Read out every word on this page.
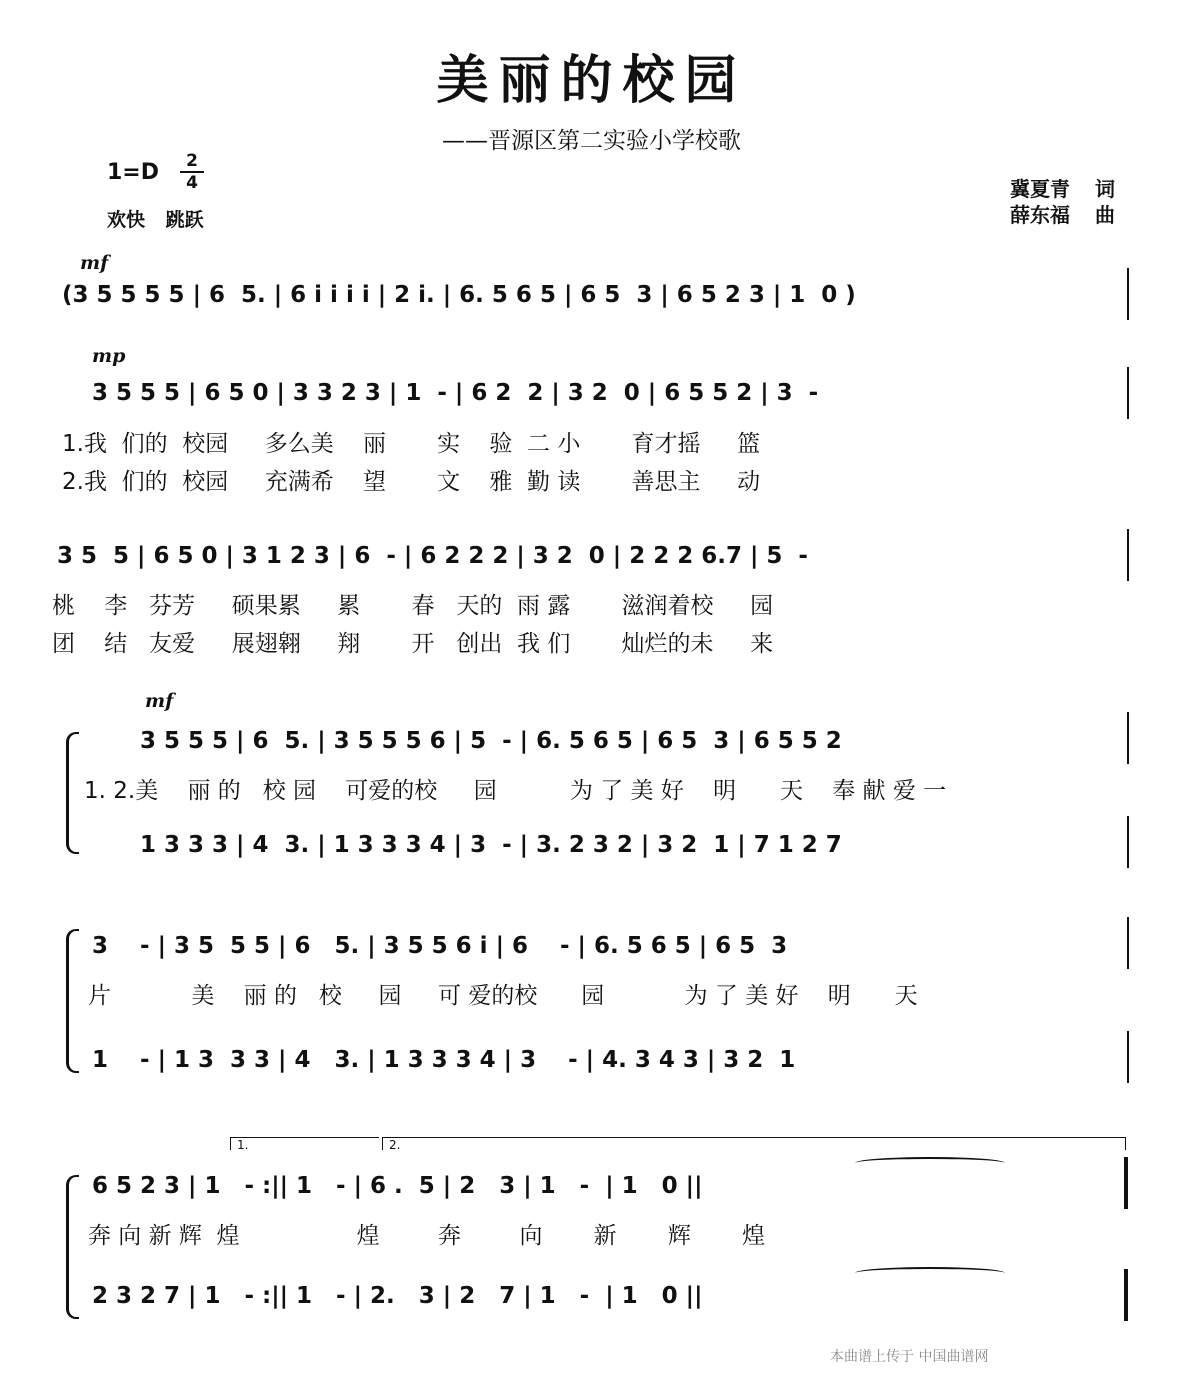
美丽的校园
——晋源区第二实验小学校歌
1=D	2
4
欢快 跳跃
冀夏青 词
薛东福 曲
mf
(3 5 5 5 5 | 6  5. | 6 i i i i | 2 i. | 6. 5 6 5 | 6 5  3 | 6 5 2 3 | 1  0 )
mp
3 5 5 5 | 6 5 0 | 3 3 2 3 | 1  - | 6 2  2 | 3 2  0 | 6 5 5 2 | 3  -
1.我  们的  校园     多么美    丽       实    验  二 小       育才摇     篮
2.我  们的  校园     充满希    望       文    雅  勤 读       善思主     动
3 5  5 | 6 5 0 | 3 1 2 3 | 6  - | 6 2 2 2 | 3 2  0 | 2 2 2 6.7 | 5  -
桃    李   芬芳     硕果累     累       春   天的  雨 露       滋润着校     园
团    结   友爱     展翅翱     翔       开   创出  我 们       灿烂的未     来
mf
3 5 5 5 | 6  5. | 3 5 5 5 6 | 5  - | 6. 5 6 5 | 6 5  3 | 6 5 5 2
1. 2.美    丽 的   校 园    可爱的校     园          为 了 美 好    明      天    奉 献 爱 一
1 3 3 3 | 4  3. | 1 3 3 3 4 | 3  - | 3. 2 3 2 | 3 2  1 | 7 1 2 7
3    - | 3 5  5 5 | 6   5. | 3 5 5 6 i | 6    - | 6. 5 6 5 | 6 5  3
片           美    丽 的   校     园     可 爱的校      园           为 了 美 好    明      天
1    - | 1 3  3 3 | 4   3. | 1 3 3 3 4 | 3    - | 4. 3 4 3 | 3 2  1
1.	2.
6 5 2 3 | 1   - :|| 1   - | 6 .  5 | 2   3 | 1   -  | 1   0 ||
奔 向 新 辉  煌                煌        奔        向       新       辉       煌
2 3 2 7 | 1   - :|| 1   - | 2.   3 | 2   7 | 1   -  | 1   0 ||
本曲谱上传于 中国曲谱网
